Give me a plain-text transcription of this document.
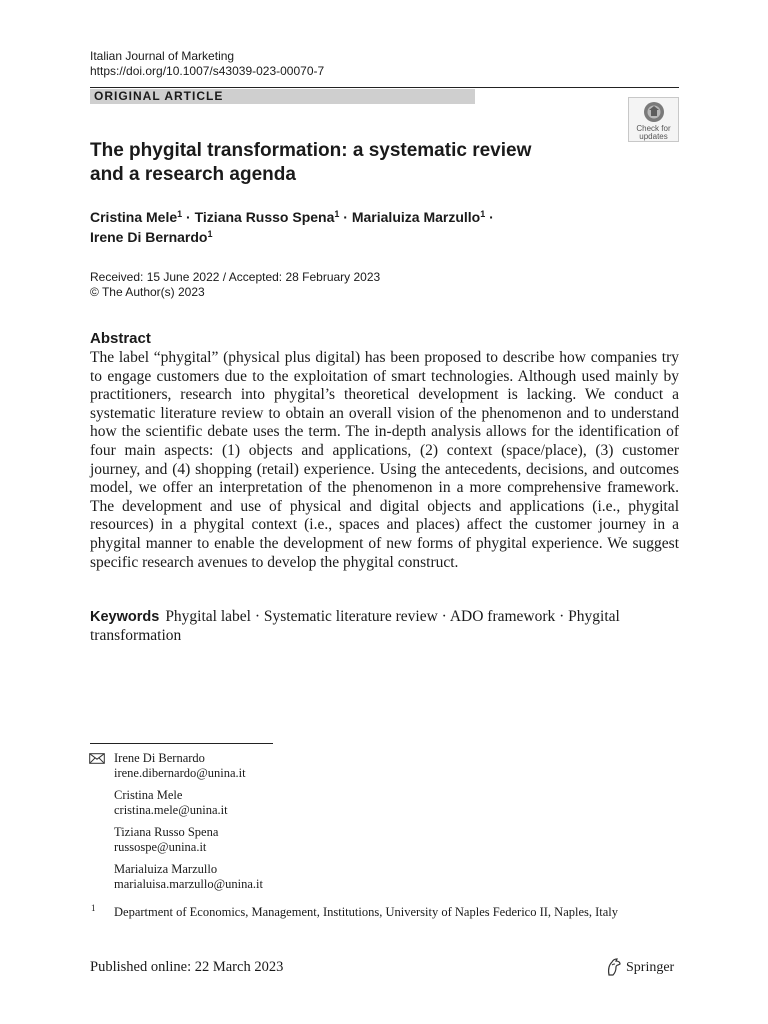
Italian Journal of Marketing
https://doi.org/10.1007/s43039-023-00070-7
ORIGINAL ARTICLE
Check for
updates
The phygital transformation: a systematic review
and a research agenda
Cristina Mele$^1$ · Tiziana Russo Spena$^1$ · Marialuiza Marzullo$^1$ ·
Irene Di Bernardo$^1$
Received: 15 June 2022 / Accepted: 28 February 2023
© The Author(s) 2023
Abstract

The label “phygital” (physical plus digital) has been proposed to describe how companies try to engage customers due to the exploitation of smart technologies. Although used mainly by practitioners, research into phygital’s theoretical development is lacking. We conduct a systematic literature review to obtain an overall vision of the phenomenon and to understand how the scientific debate uses the term. The in-depth analysis allows for the identification of four main aspects: (1) objects and applications, (2) context (space/place), (3) customer journey, and (4) shopping (retail) experience. Using the antecedents, decisions, and outcomes model, we offer an interpretation of the phenomenon in a more comprehensive framework. The development and use of physical and digital objects and applications (i.e., phygital resources) in a phygital context (i.e., spaces and places) affect the customer journey in a phygital manner to enable the development of new forms of phygital experience. We suggest specific research avenues to develop the phygital construct.

Keywords Phygital label · Systematic literature review · ADO framework · Phygital transformation
Irene Di Bernardo
irene.dibernardo@unina.it
Cristina Mele
cristina.mele@unina.it
Tiziana Russo Spena
russospe@unina.it
Marialuiza Marzullo
marialuisa.marzullo@unina.it
1 Department of Economics, Management, Institutions, University of Naples Federico II, Naples, Italy
Published online: 22 March 2023	Springer
